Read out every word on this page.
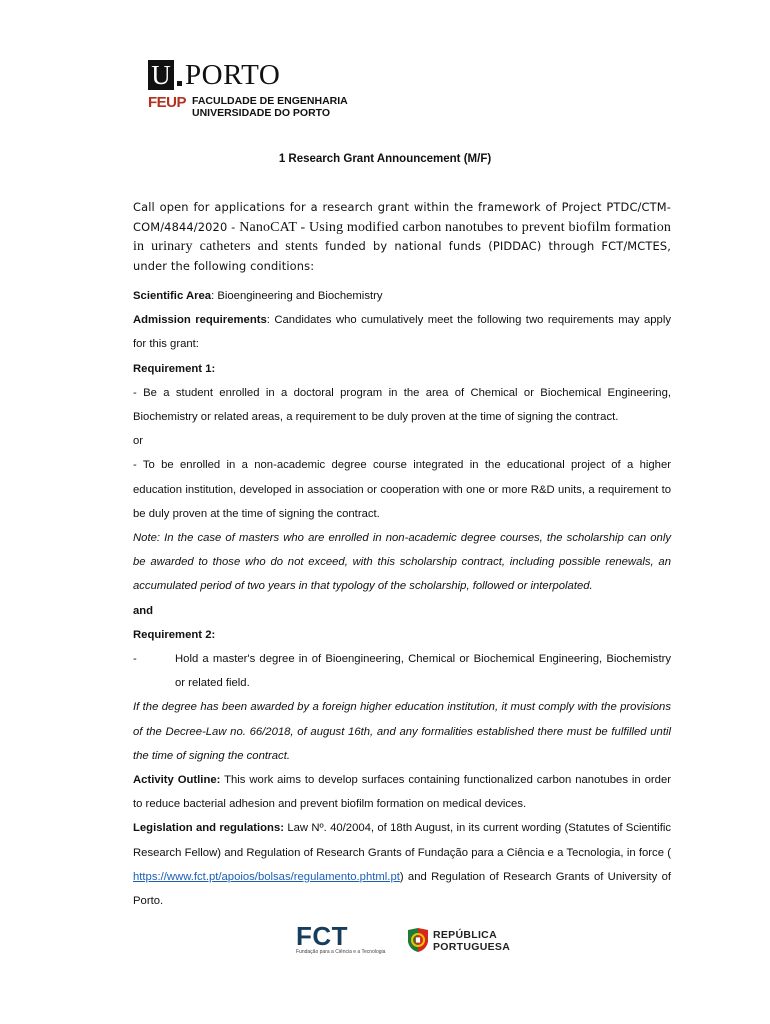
U PORTO
FEUP FACULDADE DE ENGENHARIA
UNIVERSIDADE DO PORTO
1 Research Grant Announcement (M/F)

Call open for applications for a research grant within the framework of Project PTDC/CTM-COM/4844/2020 - NanoCAT - Using modified carbon nanotubes to prevent biofilm formation in urinary catheters and stents funded by national funds (PIDDAC) through FCT/MCTES, under the following conditions:

Scientific Area: Bioengineering and Biochemistry

Admission requirements: Candidates who cumulatively meet the following two requirements may apply for this grant:

Requirement 1:

- Be a student enrolled in a doctoral program in the area of Chemical or Biochemical Engineering, Biochemistry or related areas, a requirement to be duly proven at the time of signing the contract.

or

- To be enrolled in a non-academic degree course integrated in the educational project of a higher education institution, developed in association or cooperation with one or more R&D units, a requirement to be duly proven at the time of signing the contract.

Note: In the case of masters who are enrolled in non-academic degree courses, the scholarship can only be awarded to those who do not exceed, with this scholarship contract, including possible renewals, an accumulated period of two years in that typology of the scholarship, followed or interpolated.

and

Requirement 2:

-	Hold a master's degree in of Bioengineering, Chemical or Biochemical Engineering, Biochemistry or related field.

If the degree has been awarded by a foreign higher education institution, it must comply with the provisions of the Decree-Law no. 66/2018, of august 16th, and any formalities established there must be fulfilled until the time of signing the contract.

Activity Outline: This work aims to develop surfaces containing functionalized carbon nanotubes in order to reduce bacterial adhesion and prevent biofilm formation on medical devices.

Legislation and regulations: Law Nº. 40/2004, of 18th August, in its current wording (Statutes of Scientific Research Fellow) and Regulation of Research Grants of Fundação para a Ciência e a Tecnologia, in force ( https://www.fct.pt/apoios/bolsas/regulamento.phtml.pt) and Regulation of Research Grants of University of Porto.

FCT
Fundação para a Ciência e a Tecnologia
REPÚBLICA
PORTUGUESA
